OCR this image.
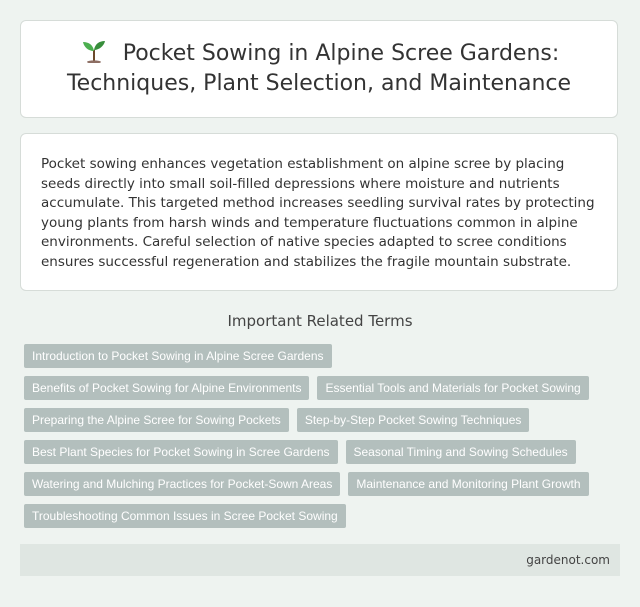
Pocket Sowing in Alpine Scree Gardens: Techniques, Plant Selection, and Maintenance

Pocket sowing enhances vegetation establishment on alpine scree by placing seeds directly into small soil-filled depressions where moisture and nutrients accumulate. This targeted method increases seedling survival rates by protecting young plants from harsh winds and temperature fluctuations common in alpine environments. Careful selection of native species adapted to scree conditions ensures successful regeneration and stabilizes the fragile mountain substrate.

Important Related Terms
Introduction to Pocket Sowing in Alpine Scree Gardens
Benefits of Pocket Sowing for Alpine Environments	Essential Tools and Materials for Pocket Sowing
Preparing the Alpine Scree for Sowing Pockets	Step-by-Step Pocket Sowing Techniques
Best Plant Species for Pocket Sowing in Scree Gardens	Seasonal Timing and Sowing Schedules
Watering and Mulching Practices for Pocket-Sown Areas	Maintenance and Monitoring Plant Growth
Troubleshooting Common Issues in Scree Pocket Sowing
gardenot.com
